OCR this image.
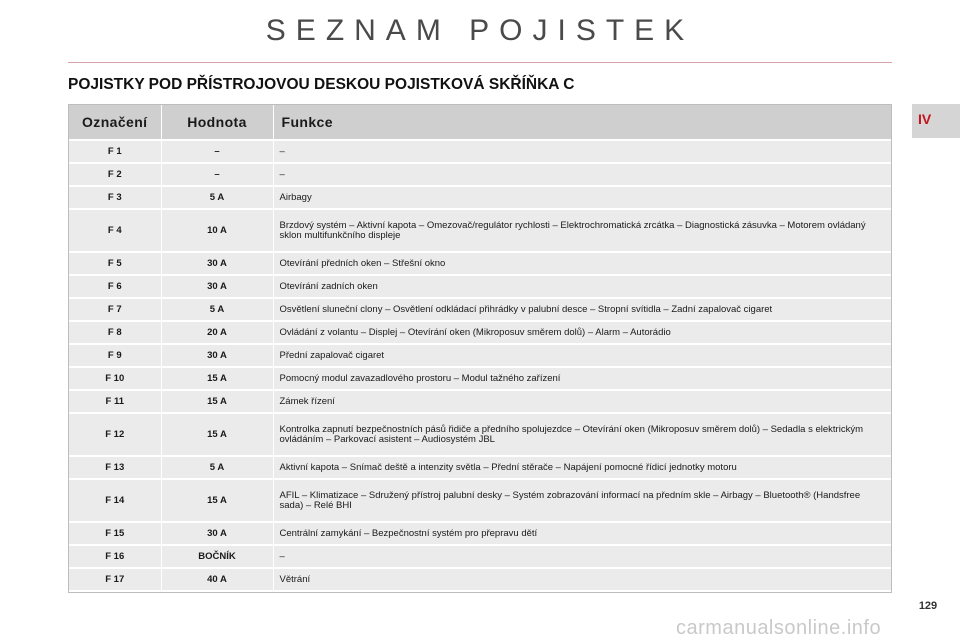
SEZNAM POJISTEK
POJISTKY POD PŘÍSTROJOVOU DESKOU POJISTKOVÁ SKŘÍŇKA C
IV
Označení	Hodnota	Funkce
F 1	–	–
F 2	–	–
F 3	5 A	Airbagy
F 4	10 A	Brzdový systém – Aktivní kapota – Omezovač/regulátor rychlosti – Elektrochromatická zrcátka – Diagnostická zásuvka – Motorem ovládaný sklon multifunkčního displeje
F 5	30 A	Otevírání předních oken – Střešní okno
F 6	30 A	Otevírání zadních oken
F 7	5 A	Osvětlení sluneční clony – Osvětlení odkládací přihrádky v palubní desce – Stropní svítidla – Zadní zapalovač cigaret
F 8	20 A	Ovládání z volantu – Displej – Otevírání oken (Mikroposuv směrem dolů) – Alarm – Autorádio
F 9	30 A	Přední zapalovač cigaret
F 10	15 A	Pomocný modul zavazadlového prostoru – Modul tažného zařízení
F 11	15 A	Zámek řízení
F 12	15 A	Kontrolka zapnutí bezpečnostních pásů řidiče a předního spolujezdce – Otevírání oken (Mikroposuv směrem dolů) – Sedadla s elektrickým ovládáním – Parkovací asistent – Audiosystém JBL
F 13	5 A	Aktivní kapota – Snímač deště a intenzity světla – Přední stěrače – Napájení pomocné řídicí jednotky motoru
F 14	15 A	AFIL – Klimatizace – Sdružený přístroj palubní desky – Systém zobrazování informací na předním skle – Airbagy – Bluetooth® (Handsfree sada) – Relé BHI
F 15	30 A	Centrální zamykání – Bezpečnostní systém pro přepravu dětí
F 16	BOČNÍK	–
F 17	40 A	Větrání
129
carmanualsonline.info
